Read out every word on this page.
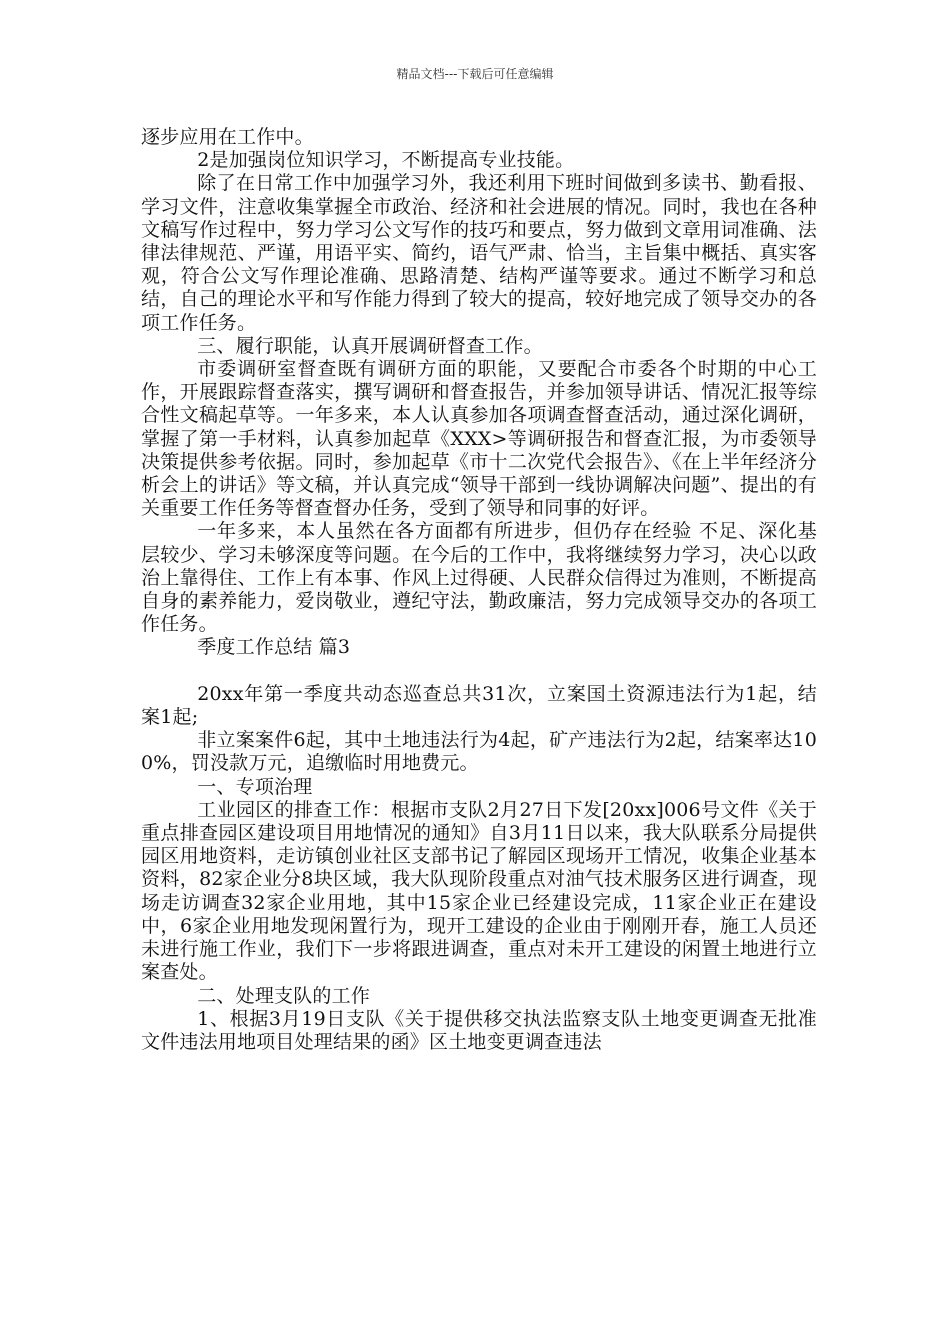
精品文档---下载后可任意编辑

逐步应用在工作中。

2是加强岗位知识学习，不断提高专业技能。

除了在日常工作中加强学习外，我还利用下班时间做到多读书、勤看报、学习文件，注意收集掌握全市政治、经济和社会进展的情况。同时，我也在各种文稿写作过程中，努力学习公文写作的技巧和要点，努力做到文章用词准确、法律法律规范、严谨，用语平实、简约，语气严肃、恰当，主旨集中概括、真实客观，符合公文写作理论准确、思路清楚、结构严谨等要求。通过不断学习和总结，自己的理论水平和写作能力得到了较大的提高，较好地完成了领导交办的各项工作任务。

三、履行职能，认真开展调研督查工作。

市委调研室督查既有调研方面的职能，又要配合市委各个时期的中心工作，开展跟踪督查落实，撰写调研和督查报告，并参加领导讲话、情况汇报等综合性文稿起草等。一年多来，本人认真参加各项调查督查活动，通过深化调研，掌握了第一手材料，认真参加起草《XXX>等调研报告和督查汇报，为市委领导决策提供参考依据。同时，参加起草《市十二次党代会报告》、《在上半年经济分析会上的讲话》等文稿，并认真完成“领导干部到一线协调解决问题”、提出的有关重要工作任务等督查督办任务，受到了领导和同事的好评。

一年多来，本人虽然在各方面都有所进步，但仍存在经验 不足、深化基层较少、学习未够深度等问题。在今后的工作中，我将继续努力学习，决心以政治上靠得住、工作上有本事、作风上过得硬、人民群众信得过为准则，不断提高自身的素养能力，爱岗敬业，遵纪守法，勤政廉洁，努力完成领导交办的各项工作任务。

季度工作总结 篇3

20xx年第一季度共动态巡查总共31次，立案国土资源违法行为1起，结案1起;

非立案案件6起，其中土地违法行为4起，矿产违法行为2起，结案率达100%，罚没款万元，追缴临时用地费元。

一、专项治理

工业园区的排查工作：根据市支队2月27日下发[20xx]006号文件《关于重点排查园区建设项目用地情况的通知》自3月11日以来，我大队联系分局提供园区用地资料，走访镇创业社区支部书记了解园区现场开工情况，收集企业基本资料，82家企业分8块区域，我大队现阶段重点对油气技术服务区进行调查，现场走访调查32家企业用地，其中15家企业已经建设完成，11家企业正在建设中，6家企业用地发现闲置行为，现开工建设的企业由于刚刚开春，施工人员还未进行施工作业，我们下一步将跟进调查，重点对未开工建设的闲置土地进行立案查处。

二、处理支队的工作

1、根据3月19日支队《关于提供移交执法监察支队土地变更调查无批准文件违法用地项目处理结果的函》区土地变更调查违法
